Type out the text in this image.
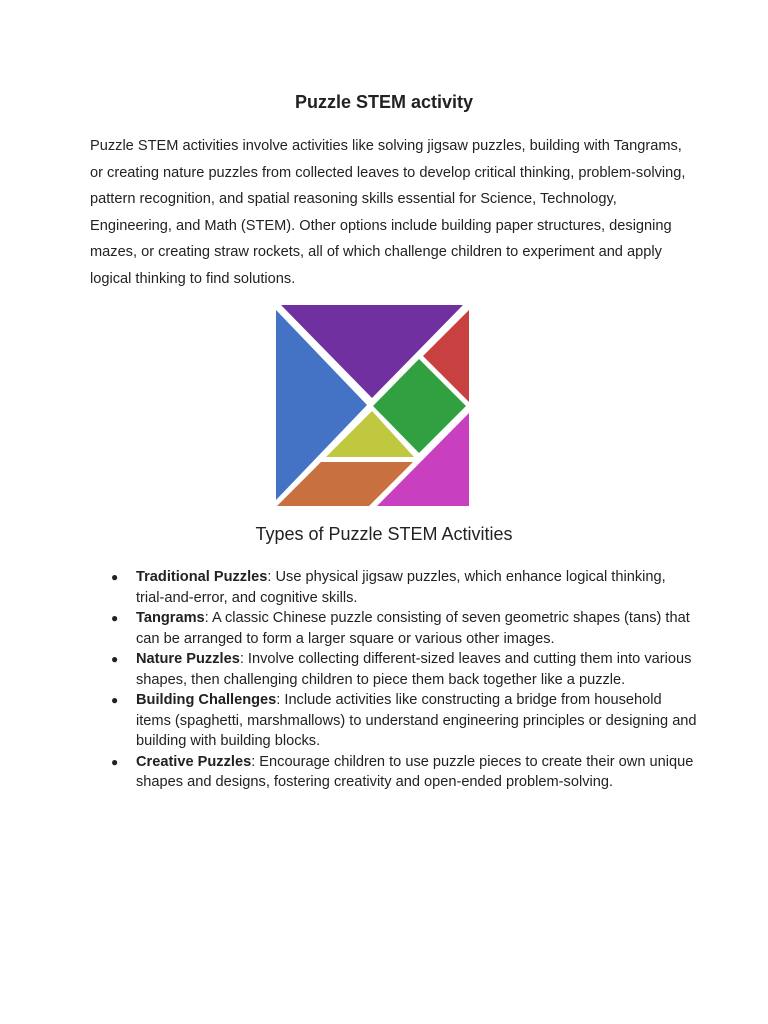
Puzzle STEM activity

Puzzle STEM activities involve activities like solving jigsaw puzzles, building with Tangrams, or creating nature puzzles from collected leaves to develop critical thinking, problem-solving, pattern recognition, and spatial reasoning skills essential for Science, Technology, Engineering, and Math (STEM). Other options include building paper structures, designing mazes, or creating straw rockets, all of which challenge children to experiment and apply logical thinking to find solutions.

Types of Puzzle STEM Activities
● Traditional Puzzles: Use physical jigsaw puzzles, which enhance logical thinking, trial-and-error, and cognitive skills.
● Tangrams: A classic Chinese puzzle consisting of seven geometric shapes (tans) that can be arranged to form a larger square or various other images.
● Nature Puzzles: Involve collecting different-sized leaves and cutting them into various shapes, then challenging children to piece them back together like a puzzle.
● Building Challenges: Include activities like constructing a bridge from household items (spaghetti, marshmallows) to understand engineering principles or designing and building with building blocks.
● Creative Puzzles: Encourage children to use puzzle pieces to create their own unique shapes and designs, fostering creativity and open-ended problem-solving.
